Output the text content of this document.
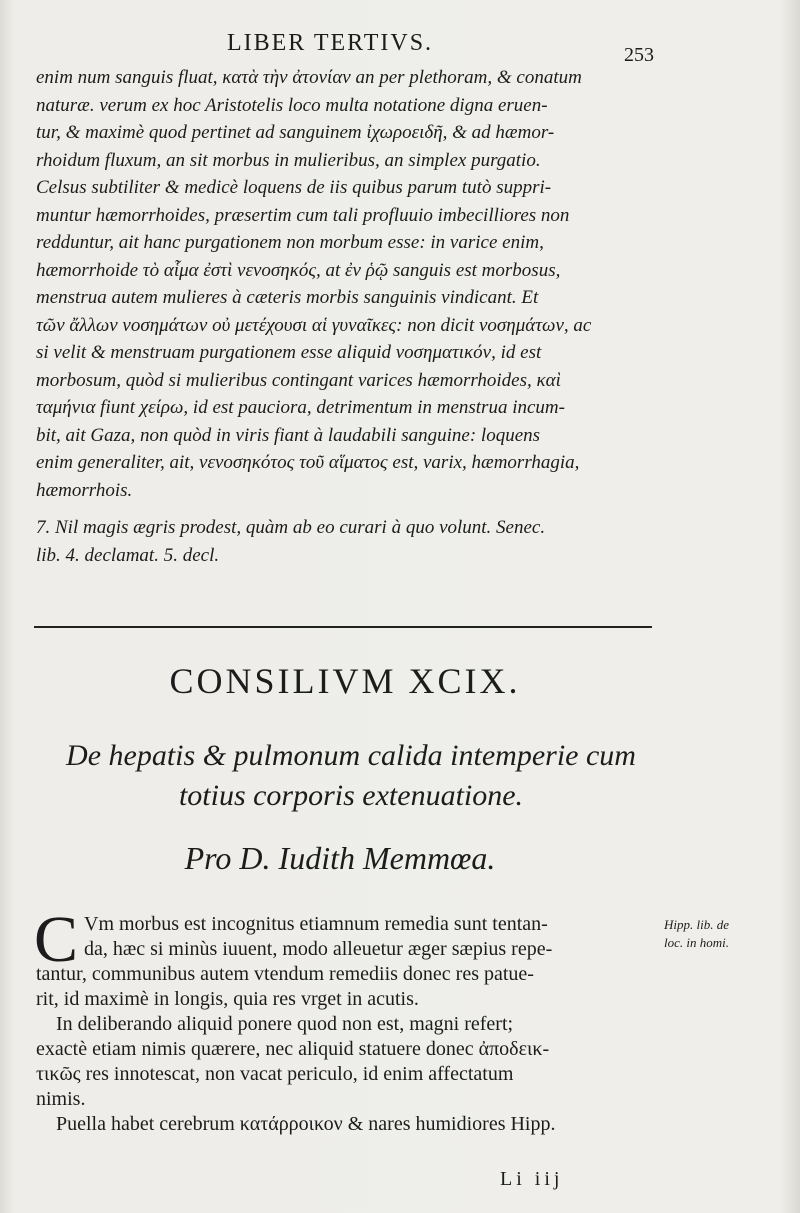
LIBER TERTIVS.	253
enim num sanguis fluat, κατὰ τὴν ἀτονίαν an per plethoram, & conatum
naturæ. verum ex hoc Aristotelis loco multa notatione digna eruen-
tur, & maximè quod pertinet ad sanguinem ἰχωροειδῆ, & ad hæmor-
rhoidum fluxum, an sit morbus in mulieribus, an simplex purgatio.
Celsus subtiliter & medicè loquens de iis quibus parum tutò suppri-
muntur hæmorrhoides, præsertim cum tali profluuio imbecilliores non
redduntur, ait hanc purgationem non morbum esse: in varice enim,
hæmorrhoide τὸ αἷμα ἐστὶ νενοσηκός, at ἐν ῥῷ sanguis est morbosus,
menstrua autem mulieres à cæteris morbis sanguinis vindicant. Et
τῶν ἄλλων νοσημάτων οὐ μετέχουσι αἱ γυναῖκες: non dicit νοσημάτων, ac
si velit & menstruam purgationem esse aliquid νοσηματικόν, id est
morbosum, quòd si mulieribus contingant varices hæmorrhoides, καὶ
ταμήνια fiunt χείρω, id est pauciora, detrimentum in menstrua incum-
bit, ait Gaza, non quòd in viris fiant à laudabili sanguine: loquens
enim generaliter, ait, νενοσηκότος τοῦ αἵματος est, varix, hæmorrhagia,
hæmorrhois.
7. Nil magis ægris prodest, quàm ab eo curari à quo volunt. Senec.
lib. 4. declamat. 5. decl.
CONSILIVM XCIX.
De hepatis & pulmonum calida intemperie cum
totius corporis extenuatione.
Pro D. Iudith Memmœa.
C Vm morbus est incognitus etiamnum remedia sunt tentan-
da, hæc si minùs iuuent, modo alleuetur æger sæpius repe-
tantur, communibus autem vtendum remediis donec res patue-
rit, id maximè in longis, quia res vrget in acutis.
In deliberando aliquid ponere quod non est, magni refert;
exactè etiam nimis quærere, nec aliquid statuere donec ἀποδεικ-
τικῶς res innotescat, non vacat periculo, id enim affectatum
nimis.
Puella habet cerebrum κατάρροικον & nares humidiores Hipp.
Hipp. lib. de
loc. in homi.
Li iij
